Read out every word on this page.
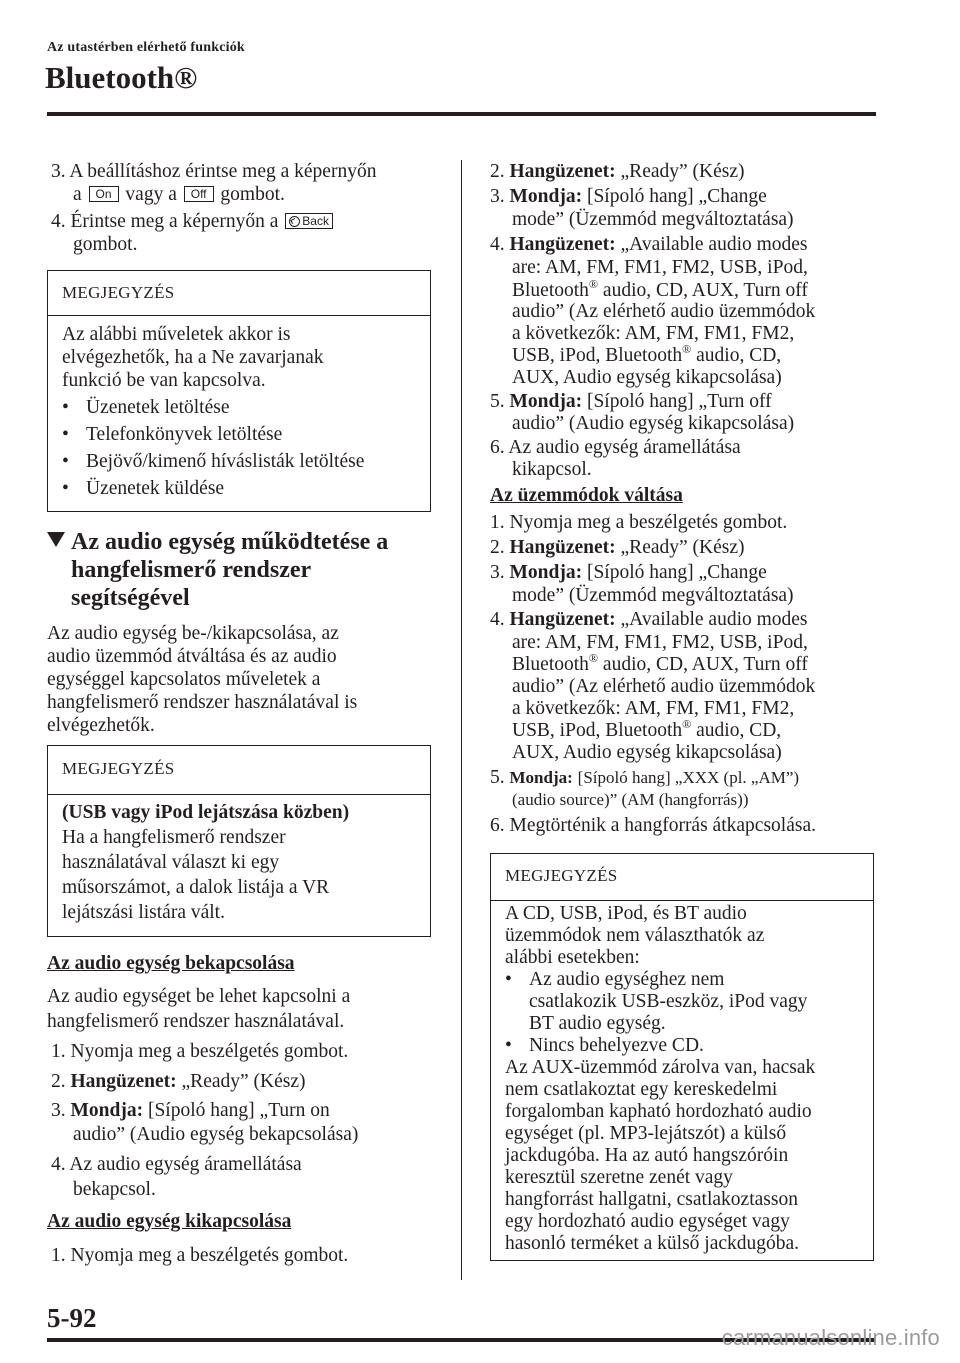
Az utastérben elérhető funkciók
Bluetooth®
3. A beállításhoz érintse meg a képernyőn
a On vagy a Off gombot.
4. Érintse meg a képernyőn a Back
gombot.
MEGJEGYZÉS
Az alábbi műveletek akkor is
elvégezhetők, ha a Ne zavarjanak
funkció be van kapcsolva.
• Üzenetek letöltése
• Telefonkönyvek letöltése
• Bejövő/kimenő híváslisták letöltése
• Üzenetek küldése
Az audio egység működtetése a
hangfelismerő rendszer
segítségével
Az audio egység be-/kikapcsolása, az
audio üzemmód átváltása és az audio
egységgel kapcsolatos műveletek a
hangfelismerő rendszer használatával is
elvégezhetők.
MEGJEGYZÉS
(USB vagy iPod lejátszása közben)
Ha a hangfelismerő rendszer
használatával választ ki egy
műsorszámot, a dalok listája a VR
lejátszási listára vált.
Az audio egység bekapcsolása
Az audio egységet be lehet kapcsolni a
hangfelismerő rendszer használatával.
1. Nyomja meg a beszélgetés gombot.
2. Hangüzenet: „Ready” (Kész)
3. Mondja: [Sípoló hang] „Turn on
audio” (Audio egység bekapcsolása)
4. Az audio egység áramellátása
bekapcsol.
Az audio egység kikapcsolása
1. Nyomja meg a beszélgetés gombot.
2. Hangüzenet: „Ready” (Kész)
3. Mondja: [Sípoló hang] „Change
mode” (Üzemmód megváltoztatása)
4. Hangüzenet: „Available audio modes
are: AM, FM, FM1, FM2, USB, iPod,
Bluetooth® audio, CD, AUX, Turn off
audio” (Az elérhető audio üzemmódok
a következők: AM, FM, FM1, FM2,
USB, iPod, Bluetooth® audio, CD,
AUX, Audio egység kikapcsolása)
5. Mondja: [Sípoló hang] „Turn off
audio” (Audio egység kikapcsolása)
6. Az audio egység áramellátása
kikapcsol.
Az üzemmódok váltása
1. Nyomja meg a beszélgetés gombot.
2. Hangüzenet: „Ready” (Kész)
3. Mondja: [Sípoló hang] „Change
mode” (Üzemmód megváltoztatása)
4. Hangüzenet: „Available audio modes
are: AM, FM, FM1, FM2, USB, iPod,
Bluetooth® audio, CD, AUX, Turn off
audio” (Az elérhető audio üzemmódok
a következők: AM, FM, FM1, FM2,
USB, iPod, Bluetooth® audio, CD,
AUX, Audio egység kikapcsolása)
5. Mondja: [Sípoló hang] „XXX (pl. „AM”)
(audio source)” (AM (hangforrás))
6. Megtörténik a hangforrás átkapcsolása.
MEGJEGYZÉS
A CD, USB, iPod, és BT audio
üzemmódok nem választhatók az
alábbi esetekben:
• Az audio egységhez nem
csatlakozik USB-eszköz, iPod vagy
BT audio egység.
• Nincs behelyezve CD.
Az AUX-üzemmód zárolva van, hacsak
nem csatlakoztat egy kereskedelmi
forgalomban kapható hordozható audio
egységet (pl. MP3-lejátszót) a külső
jackdugóba. Ha az autó hangszóróin
keresztül szeretne zenét vagy
hangforrást hallgatni, csatlakoztasson
egy hordozható audio egységet vagy
hasonló terméket a külső jackdugóba.
5-92
carmanualsonline.info
